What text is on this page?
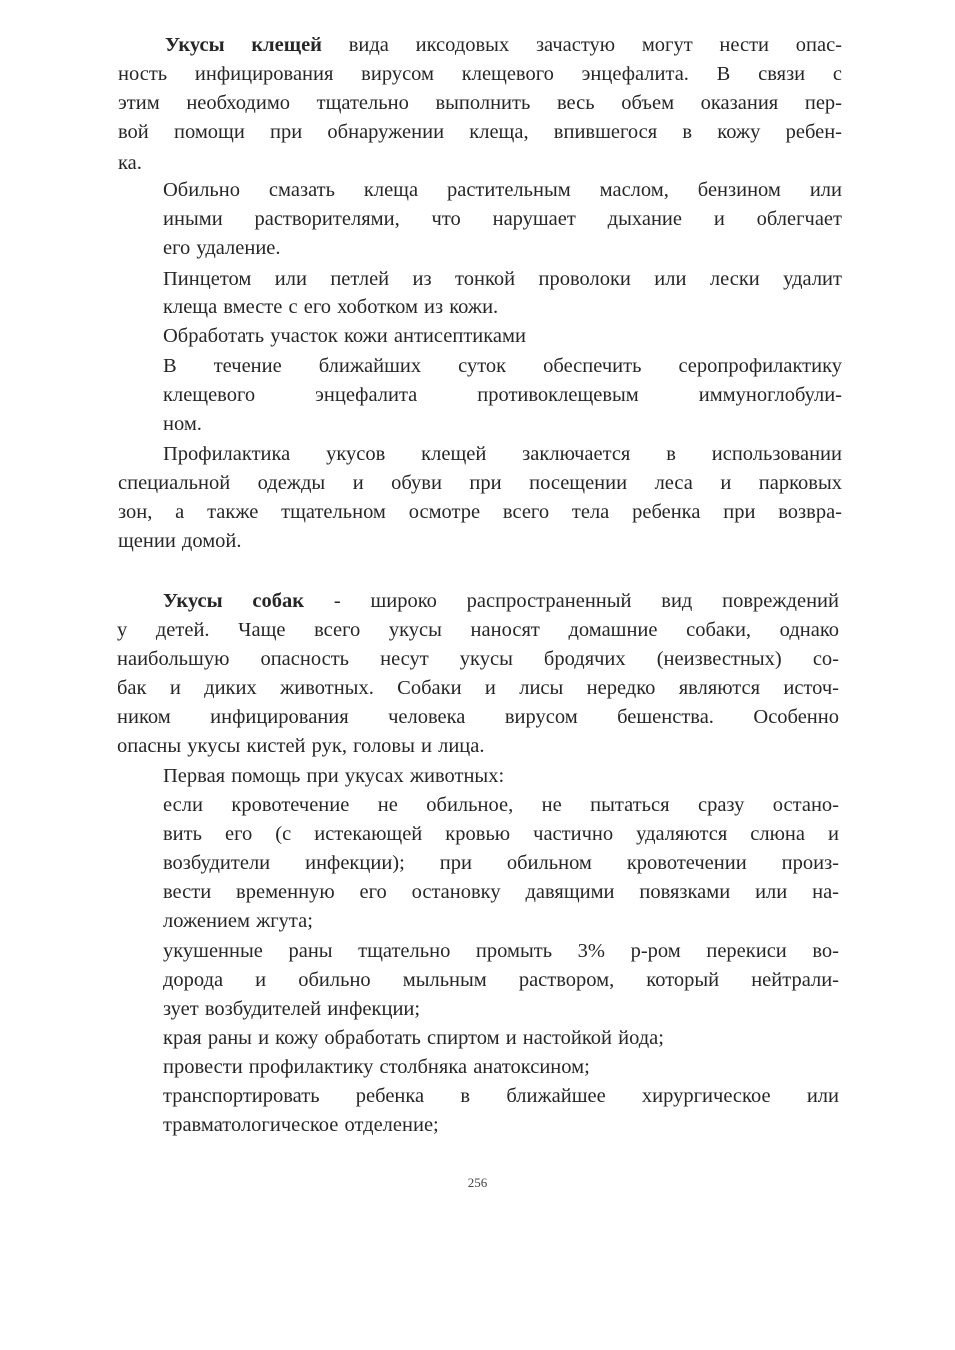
Укусы клещей вида иксодовых зачастую могут нести опас-
ность инфицирования вирусом клещевого энцефалита. В связи с
этим необходимо тщательно выполнить весь объем оказания пер-
вой помощи при обнаружении клеща, впившегося в кожу ребен-
ка.
Обильно смазать клеща растительным маслом, бензином или
иными растворителями, что нарушает дыхание и облегчает
его удаление.
Пинцетом или петлей из тонкой проволоки или лески удалит
клеща вместе с его хоботком из кожи.
Обработать участок кожи антисептиками
В течение ближайших суток обеспечить серопрофилактику
клещевого энцефалита противоклещевым иммуноглобули-
ном.
Профилактика укусов клещей заключается в использовании
специальной одежды и обуви при посещении леса и парковых
зон, а также тщательном осмотре всего тела ребенка при возвра-
щении домой.
Укусы собак - широко распространенный вид повреждений
у детей. Чаще всего укусы наносят домашние собаки, однако
наибольшую опасность несут укусы бродячих (неизвестных) со-
бак и диких животных. Собаки и лисы нередко являются источ-
ником инфицирования человека вирусом бешенства. Особенно
опасны укусы кистей рук, головы и лица.
Первая помощь при укусах животных:
если кровотечение не обильное, не пытаться сразу остано-
вить его (с истекающей кровью частично удаляются слюна и
возбудители инфекции); при обильном кровотечении произ-
вести временную его остановку давящими повязками или на-
ложением жгута;
укушенные раны тщательно промыть 3% р-ром перекиси во-
дорода и обильно мыльным раствором, который нейтрали-
зует возбудителей инфекции;
края раны и кожу обработать спиртом и настойкой йода;
провести профилактику столбняка анатоксином;
транспортировать ребенка в ближайшее хирургическое или
травматологическое отделение;
256
